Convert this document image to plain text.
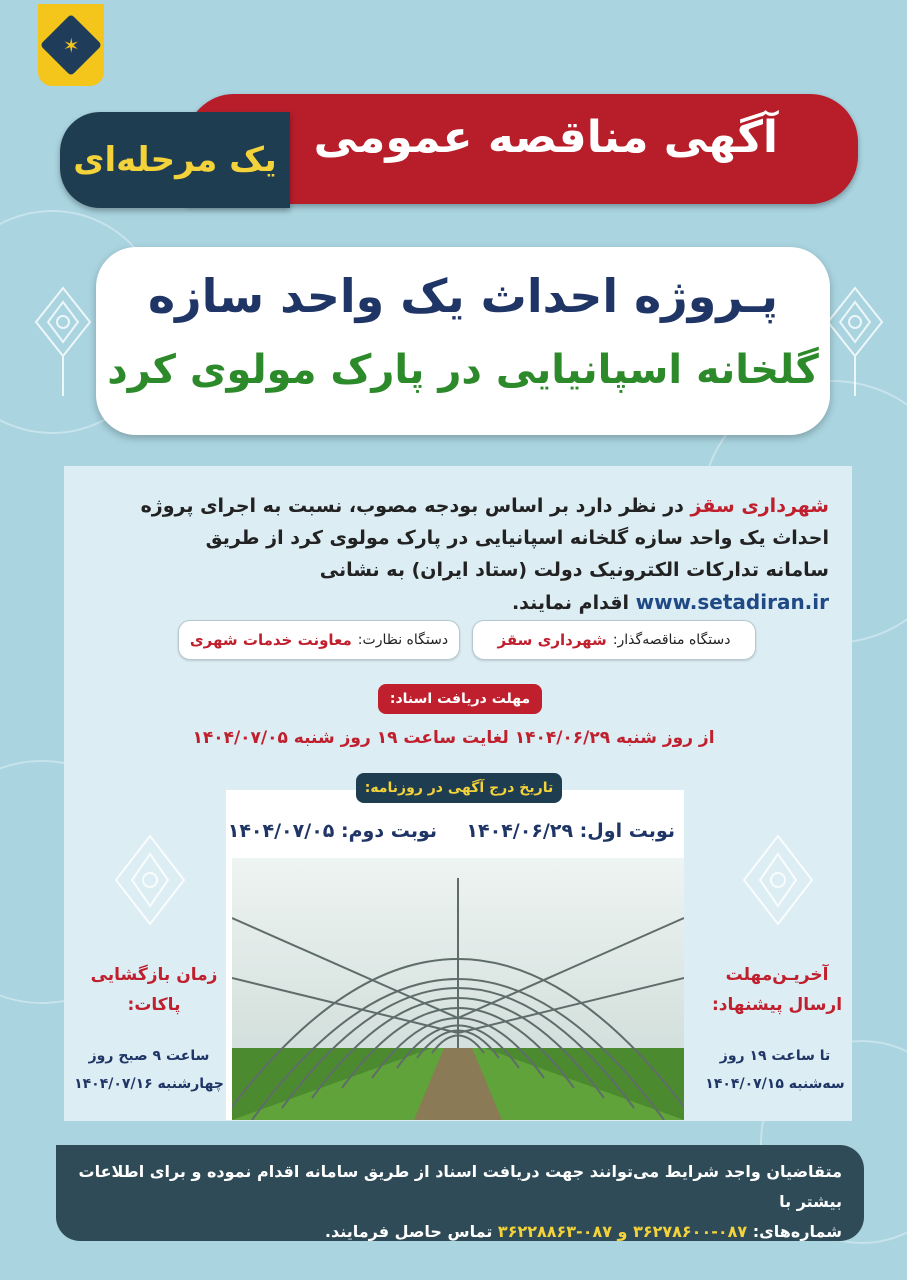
✶
آگهی مناقصه عمومی
یک مرحله‌ای
پـروژه احداث یک واحد سازه
گلخانه اسپانیایی در پارک مولوی کرد
شهرداری سقز در نظر دارد بر اساس بودجه مصوب، نسبت به اجرای پروژه احداث یک واحد سازه گلخانه اسپانیایی در پارک مولوی کرد از طریق سامانه تدارکات الکترونیک دولت (ستاد ایران) به نشانی www.setadiran.ir اقدام نمایند.
دستگاه مناقصه‌گذار:
شهرداری سقز
دستگاه نظارت:
معاونت خدمات شهری
مهلت دریافت اسناد:
از روز شنبه ۱۴۰۴/۰۶/۲۹ لغایت ساعت ۱۹ روز شنبه ۱۴۰۴/۰۷/۰۵
تاریخ درج آگهی در روزنامه:
نوبت اول: ۱۴۰۴/۰۶/۲۹
نوبت دوم: ۱۴۰۴/۰۷/۰۵
آخریـن‌مهلت
ارسال پیشنهاد:
تا ساعت ۱۹ روز
سه‌شنبه ۱۴۰۴/۰۷/۱۵
زمان بازگشایی
پاکات:
ساعت ۹ صبح روز
چهارشنبه ۱۴۰۴/۰۷/۱۶
متقاضیان واجد شرایط می‌توانند جهت دریافت اسناد از طریق سامانه اقدام نموده و برای اطلاعات بیشتر با
شماره‌های: ۰۸۷-۳۶۲۷۸۶۰۰ و ۰۸۷-۳۶۲۲۸۸۶۳ تماس حاصل فرمایند.
